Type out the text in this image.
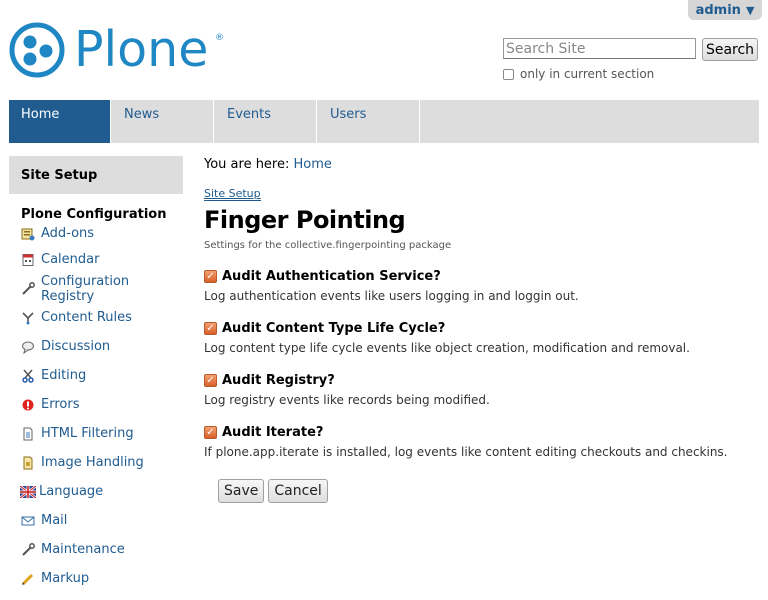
admin ▼
Plone ®
Search Site
Search
only in current section
Home	News	Events	Users
Site Setup
Plone Configuration
Add-ons
Calendar
Configuration Registry
Content Rules
Discussion
Editing
Errors
HTML Filtering
Image Handling
Language
Mail
Maintenance
Markup
You are here: Home
Site Setup
Finger Pointing
Settings for the collective.fingerpointing package
✓ Audit Authentication Service?
Log authentication events like users logging in and loggin out.
✓ Audit Content Type Life Cycle?
Log content type life cycle events like object creation, modification and removal.
✓ Audit Registry?
Log registry events like records being modified.
✓ Audit Iterate?
If plone.app.iterate is installed, log events like content editing checkouts and checkins.
Save	Cancel
